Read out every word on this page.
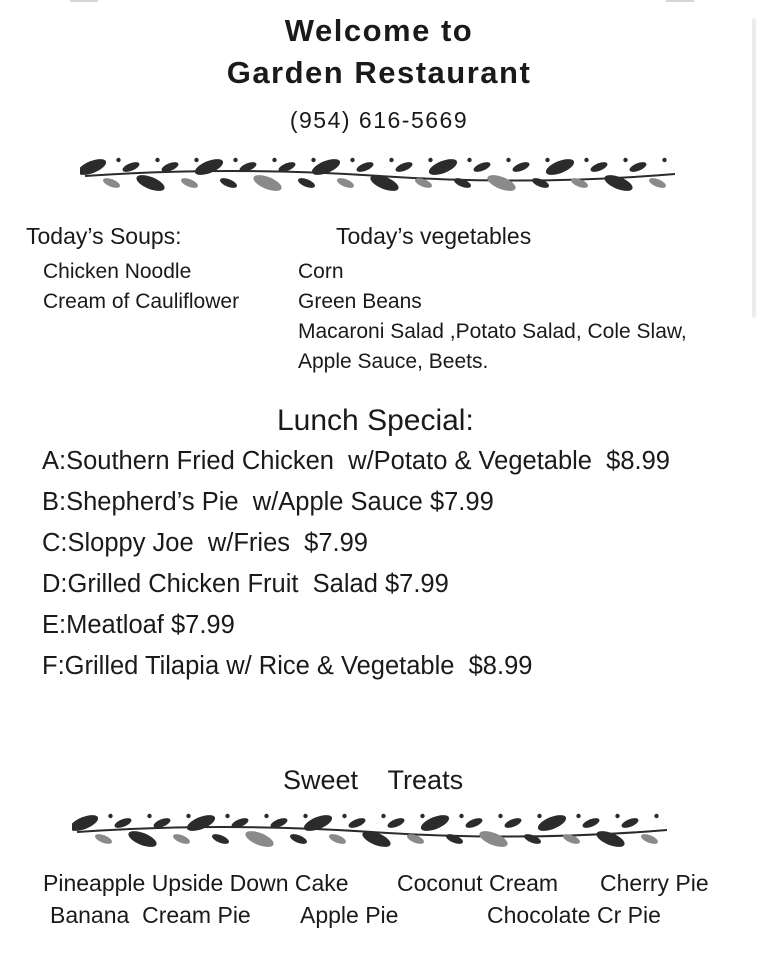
Welcome to
Garden Restaurant
(954) 616-5669
Today’s Soups:
Chicken Noodle
Cream of Cauliflower
Today’s vegetables
Corn
Green Beans
Macaroni Salad ,Potato Salad, Cole Slaw,
Apple Sauce, Beets.
Lunch Special:
A:Southern Fried Chicken  w/Potato & Vegetable  $8.99
B:Shepherd’s Pie  w/Apple Sauce $7.99
C:Sloppy Joe  w/Fries  $7.99
D:Grilled Chicken Fruit  Salad $7.99
E:Meatloaf $7.99
F:Grilled Tilapia w/ Rice & Vegetable  $8.99
Sweet    Treats
Pineapple Upside Down Cake Coconut Cream Cherry Pie
Banana  Cream Pie Apple Pie	Chocolate Cr Pie
